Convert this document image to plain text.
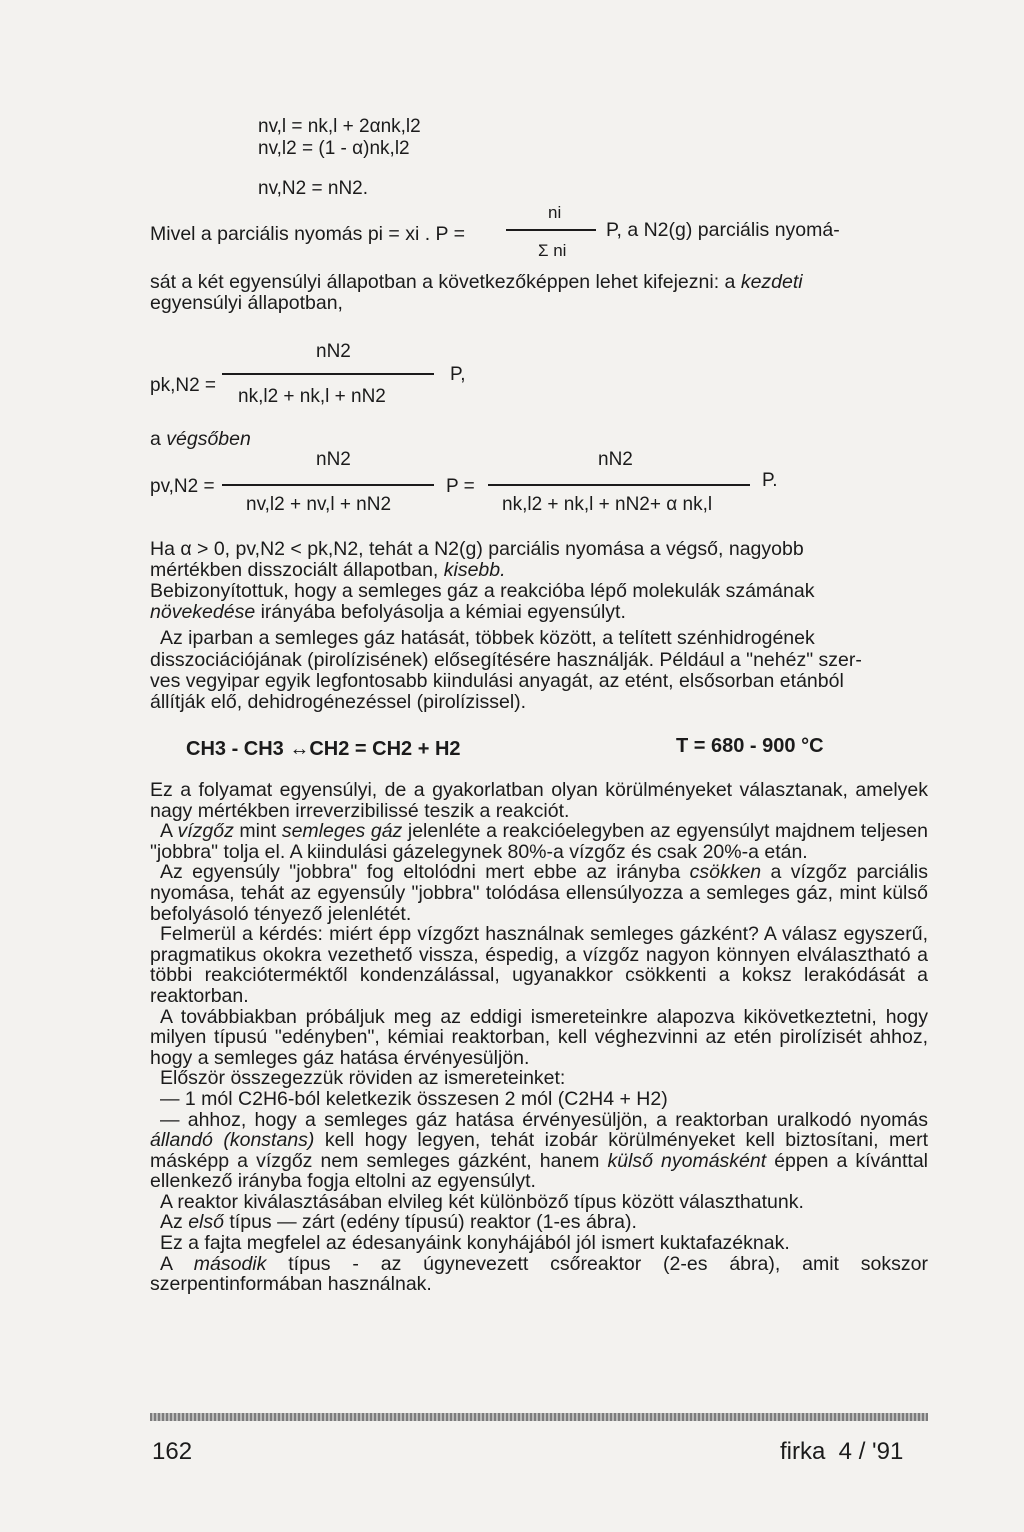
nv,l = nk,l + 2αnk,l2
nv,l2 = (1 - α)nk,l2
nv,N2 = nN2.
Mivel a parciális nyomás pi = xi . P =
ni
Σ ni
P, a N2(g) parciális nyomá-
sát a két egyensúlyi állapotban a következőképpen lehet kifejezni: a kezdeti
egyensúlyi állapotban,
pk,N2 =
nN2
nk,l2 + nk,l + nN2
P,
a végsőben
pv,N2 =
nN2
nv,l2 + nv,l + nN2
P =
nN2
nk,l2 + nk,l + nN2+ α nk,l
P.
Ha α > 0, pv,N2 < pk,N2, tehát a N2(g) parciális nyomása a végső, nagyobb
mértékben disszociált állapotban, kisebb.
Bebizonyítottuk, hogy a semleges gáz a reakcióba lépő molekulák számának
növekedése irányába befolyásolja a kémiai egyensúlyt.
Az iparban a semleges gáz hatását, többek között, a telített szénhidrogének
disszociációjának (pirolízisének) elősegítésére használják. Például a "nehéz" szer-
ves vegyipar egyik legfontosabb kiindulási anyagát, az etént, elsősorban etánból
állítják elő, dehidrogénezéssel (pirolízissel).
CH3 - CH3 ↔CH2 = CH2 + H2	T = 680 - 900 °C

Ez a folyamat egyensúlyi, de a gyakorlatban olyan körülményeket választanak, amelyek nagy mértékben irreverzibilissé teszik a reakciót.

A vízgőz mint semleges gáz jelenléte a reakcióelegyben az egyensúlyt majdnem teljesen "jobbra" tolja el. A kiindulási gázelegynek 80%-a vízgőz és csak 20%-a etán.

Az egyensúly "jobbra" fog eltolódni mert ebbe az irányba csökken a vízgőz parciális nyomása, tehát az egyensúly "jobbra" tolódása ellensúlyozza a semleges gáz, mint külső befolyásoló tényező jelenlétét.

Felmerül a kérdés: miért épp vízgőzt használnak semleges gázként? A válasz egyszerű, pragmatikus okokra vezethető vissza, éspedig, a vízgőz nagyon könnyen elválasztható a többi reakcióterméktől kondenzálással, ugyanakkor csökkenti a koksz lerakódását a reaktorban.

A továbbiakban próbáljuk meg az eddigi ismereteinkre alapozva kikövetkeztetni, hogy milyen típusú "edényben", kémiai reaktorban, kell véghezvinni az etén pirolízisét ahhoz, hogy a semleges gáz hatása érvényesüljön.

Először összegezzük röviden az ismereteinket:

— 1 mól C2H6-ból keletkezik összesen 2 mól (C2H4 + H2)

— ahhoz, hogy a semleges gáz hatása érvényesüljön, a reaktorban uralkodó nyomás állandó (konstans) kell hogy legyen, tehát izobár körülményeket kell biztosítani, mert másképp a vízgőz nem semleges gázként, hanem külső nyomásként éppen a kívánttal ellenkező irányba fogja eltolni az egyensúlyt.

A reaktor kiválasztásában elvileg két különböző típus között választhatunk.

Az első típus — zárt (edény típusú) reaktor (1-es ábra).

Ez a fajta megfelel az édesanyáink konyhájából jól ismert kuktafazéknak.

A második típus - az úgynevezett csőreaktor (2-es ábra), amit sokszor szerpentinformában használnak.

162	firka  4 / '91
